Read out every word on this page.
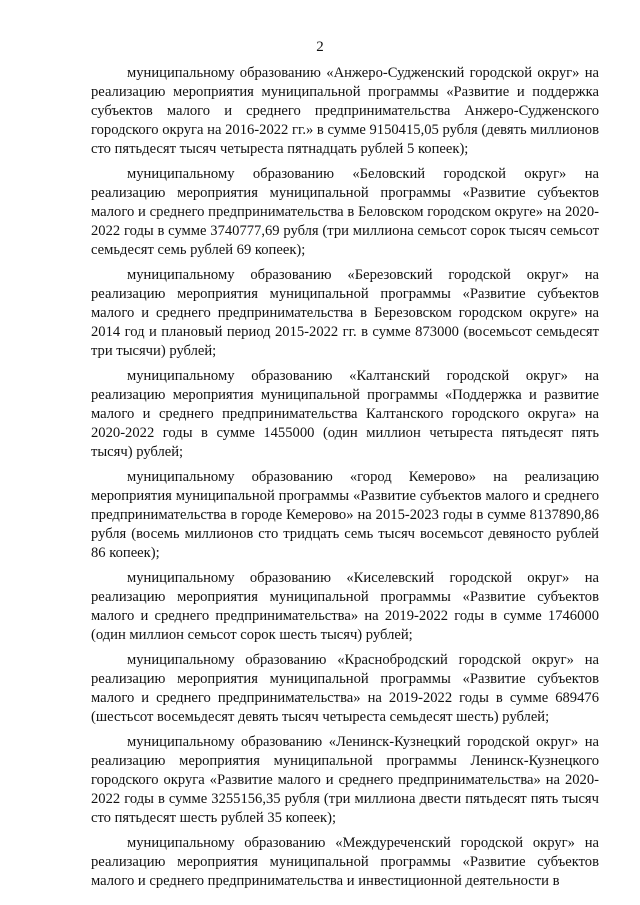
2

муниципальному образованию «Анжеро-Судженский городской округ» на реализацию мероприятия муниципальной программы «Развитие и поддержка субъектов малого и среднего предпринимательства Анжеро-Судженского городского округа на 2016-2022 гг.» в сумме 9150415,05 рубля (девять миллионов сто пятьдесят тысяч четыреста пятнадцать рублей 5 копеек);

муниципальному образованию «Беловский городской округ» на реализацию мероприятия муниципальной программы «Развитие субъектов малого и среднего предпринимательства в Беловском городском округе» на 2020-2022 годы в сумме 3740777,69 рубля (три миллиона семьсот сорок тысяч семьсот семьдесят семь рублей 69 копеек);

муниципальному образованию «Березовский городской округ» на реализацию мероприятия муниципальной программы «Развитие субъектов малого и среднего предпринимательства в Березовском городском округе» на 2014 год и плановый период 2015-2022 гг. в сумме 873000 (восемьсот семьдесят три тысячи) рублей;

муниципальному образованию «Калтанский городской округ» на реализацию мероприятия муниципальной программы «Поддержка и развитие малого и среднего предпринимательства Калтанского городского округа» на 2020-2022 годы в сумме 1455000 (один миллион четыреста пятьдесят пять тысяч) рублей;

муниципальному образованию «город Кемерово» на реализацию мероприятия муниципальной программы «Развитие субъектов малого и среднего предпринимательства в городе Кемерово» на 2015-2023 годы в сумме 8137890,86 рубля (восемь миллионов сто тридцать семь тысяч восемьсот девяносто рублей 86 копеек);

муниципальному образованию «Киселевский городской округ» на реализацию мероприятия муниципальной программы «Развитие субъектов малого и среднего предпринимательства» на 2019-2022 годы в сумме 1746000 (один миллион семьсот сорок шесть тысяч) рублей;

муниципальному образованию «Краснобродский городской округ» на реализацию мероприятия муниципальной программы «Развитие субъектов малого и среднего предпринимательства» на 2019-2022 годы в сумме 689476 (шестьсот восемьдесят девять тысяч четыреста семьдесят шесть) рублей;

муниципальному образованию «Ленинск-Кузнецкий городской округ» на реализацию мероприятия муниципальной программы Ленинск-Кузнецкого городского округа «Развитие малого и среднего предпринимательства» на 2020-2022 годы в сумме 3255156,35 рубля (три миллиона двести пятьдесят пять тысяч сто пятьдесят шесть рублей 35 копеек);

муниципальному образованию «Междуреченский городской округ» на реализацию мероприятия муниципальной программы «Развитие субъектов малого и среднего предпринимательства и инвестиционной деятельности в
